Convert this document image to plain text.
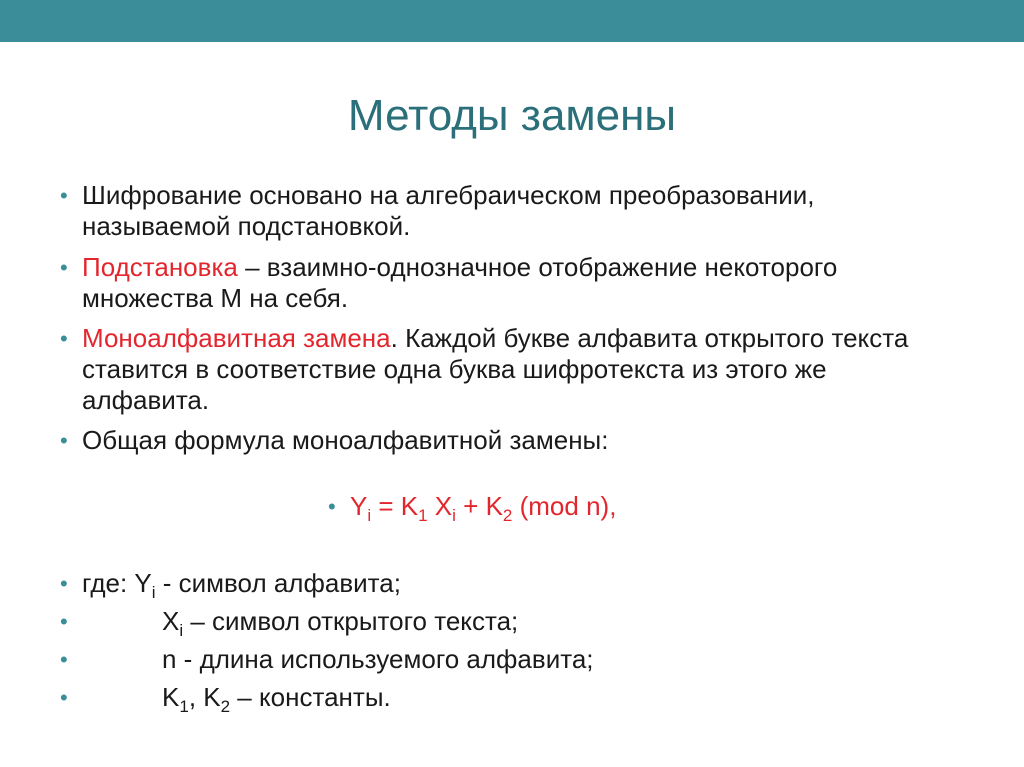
Методы замены
• Шифрование основано на алгебраическом преобразовании, называемой подстановкой.
• Подстановка – взаимно-однозначное отображение некоторого множества М на себя.
• Моноалфавитная замена. Каждой букве алфавита открытого текста ставится в соответствие одна буква шифротекста из этого же алфавита.
• Общая формула моноалфавитной замены:
• $Y_i = K_1$ $X_i + K_2$ (mod n),
• где: $Y_i$ - символ алфавита;
•	$X_i$ – символ открытого текста;
•	n - длина используемого алфавита;
•	$K_1$, $K_2$ – константы.
